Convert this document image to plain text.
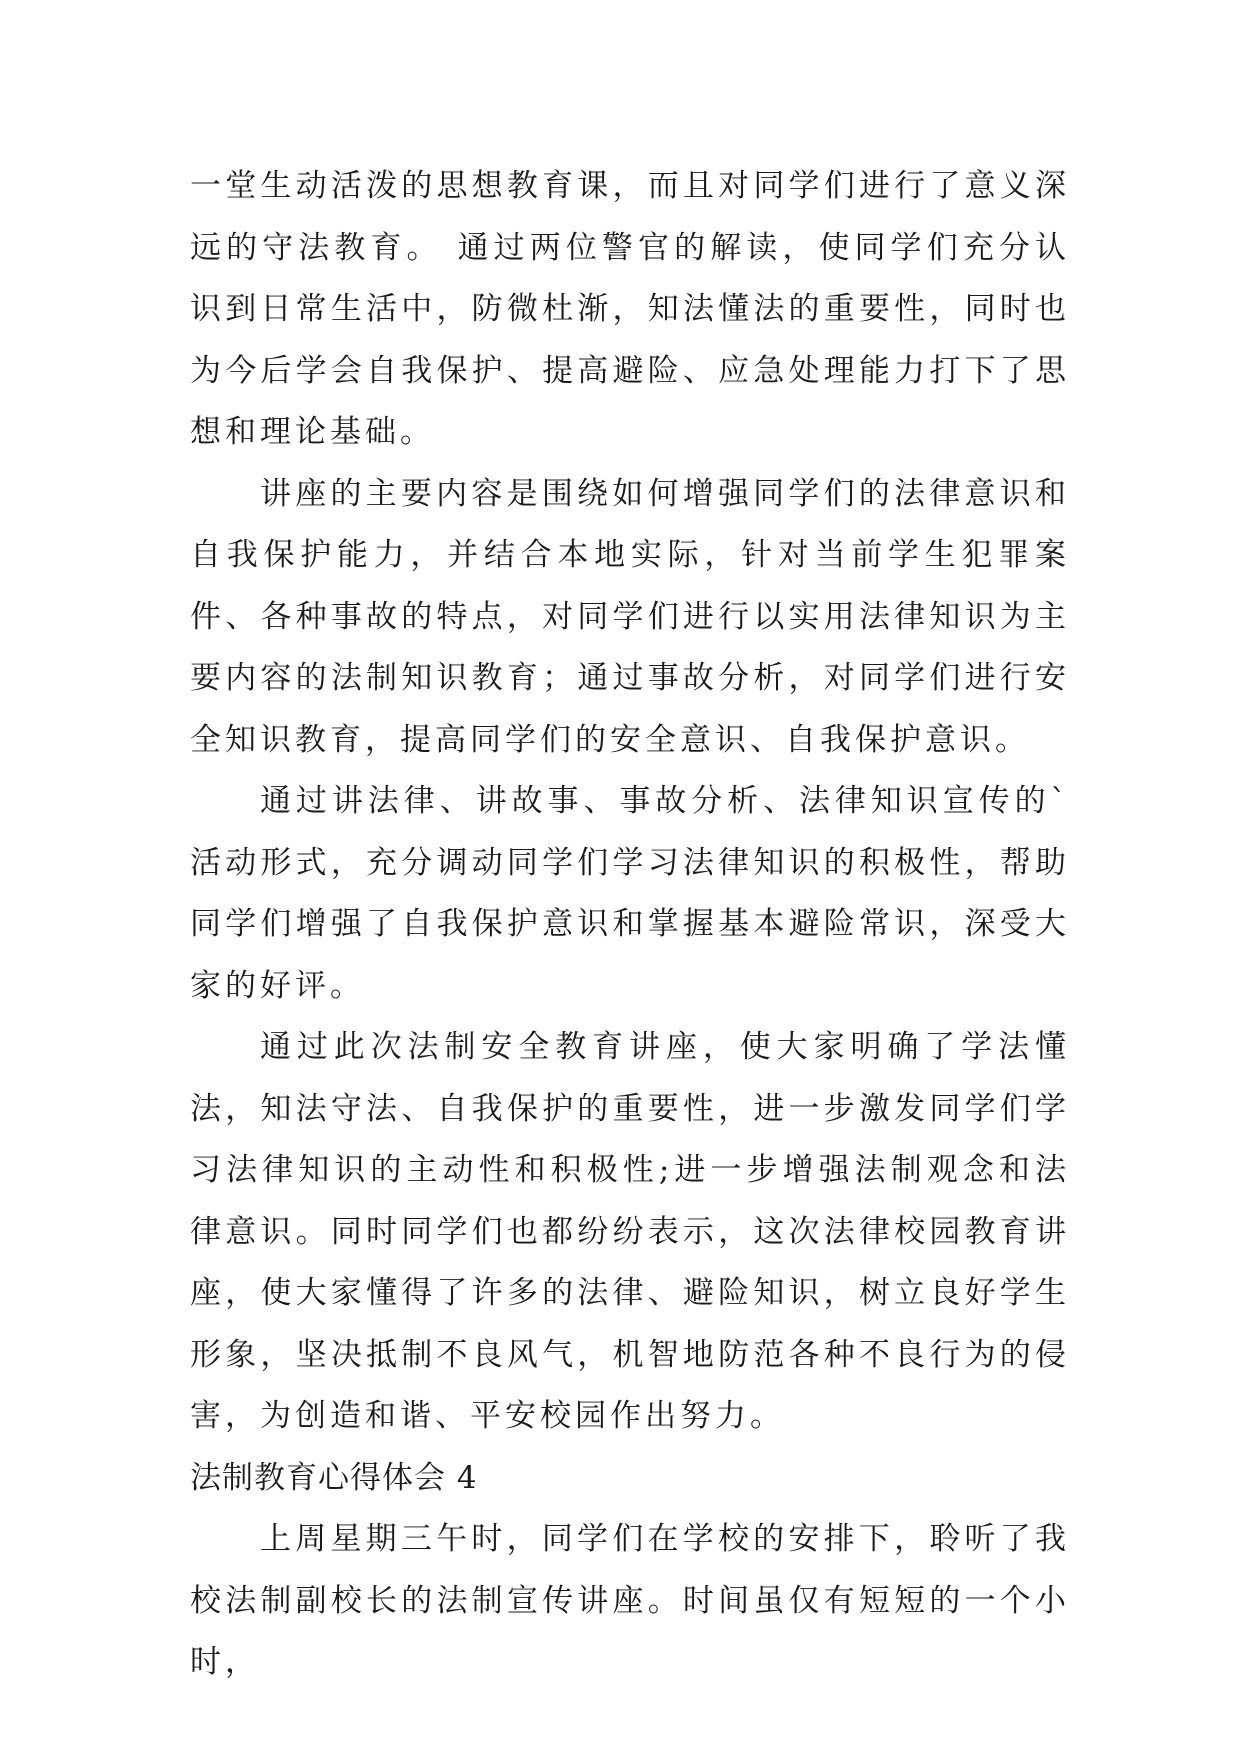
一堂生动活泼的思想教育课，而且对同学们进行了意义深远的守法教育。 通过两位警官的解读，使同学们充分认识到日常生活中，防微杜渐，知法懂法的重要性，同时也为今后学会自我保护、提高避险、应急处理能力打下了思想和理论基础。

讲座的主要内容是围绕如何增强同学们的法律意识和自我保护能力，并结合本地实际，针对当前学生犯罪案件、各种事故的特点，对同学们进行以实用法律知识为主要内容的法制知识教育；通过事故分析，对同学们进行安全知识教育，提高同学们的安全意识、自我保护意识。

通过讲法律、讲故事、事故分析、法律知识宣传的`活动形式，充分调动同学们学习法律知识的积极性，帮助同学们增强了自我保护意识和掌握基本避险常识，深受大家的好评。

通过此次法制安全教育讲座，使大家明确了学法懂法，知法守法、自我保护的重要性，进一步激发同学们学习法律知识的主动性和积极性;进一步增强法制观念和法律意识。同时同学们也都纷纷表示，这次法律校园教育讲座，使大家懂得了许多的法律、避险知识，树立良好学生形象，坚决抵制不良风气，机智地防范各种不良行为的侵害，为创造和谐、平安校园作出努力。

法制教育心得体会 4

上周星期三午时，同学们在学校的安排下，聆听了我校法制副校长的法制宣传讲座。时间虽仅有短短的一个小时，
